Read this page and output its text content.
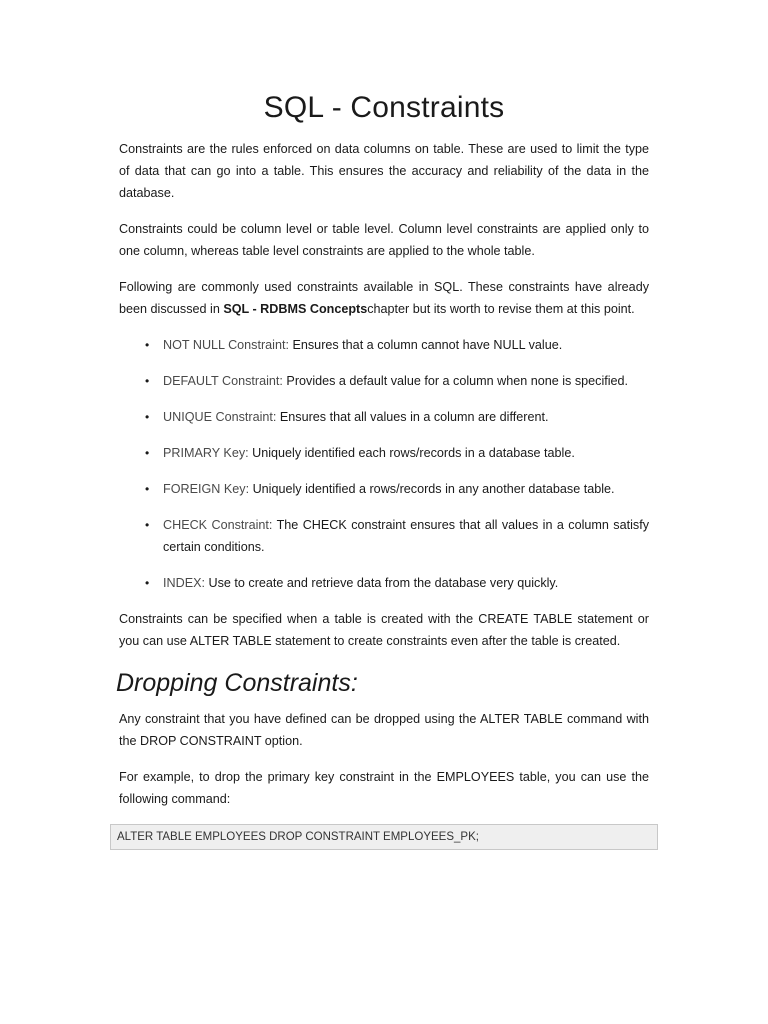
SQL - Constraints

Constraints are the rules enforced on data columns on table. These are used to limit the type of data that can go into a table. This ensures the accuracy and reliability of the data in the database.

Constraints could be column level or table level. Column level constraints are applied only to one column, whereas table level constraints are applied to the whole table.

Following are commonly used constraints available in SQL. These constraints have already been discussed in SQL - RDBMS Conceptschapter but its worth to revise them at this point.

• NOT NULL Constraint: Ensures that a column cannot have NULL value.
• DEFAULT Constraint: Provides a default value for a column when none is specified.
• UNIQUE Constraint: Ensures that all values in a column are different.
• PRIMARY Key: Uniquely identified each rows/records in a database table.
• FOREIGN Key: Uniquely identified a rows/records in any another database table.
• CHECK Constraint: The CHECK constraint ensures that all values in a column satisfy certain conditions.
• INDEX: Use to create and retrieve data from the database very quickly.

Constraints can be specified when a table is created with the CREATE TABLE statement or you can use ALTER TABLE statement to create constraints even after the table is created.

Dropping Constraints:

Any constraint that you have defined can be dropped using the ALTER TABLE command with the DROP CONSTRAINT option.

For example, to drop the primary key constraint in the EMPLOYEES table, you can use the following command:

ALTER TABLE EMPLOYEES DROP CONSTRAINT EMPLOYEES_PK;
